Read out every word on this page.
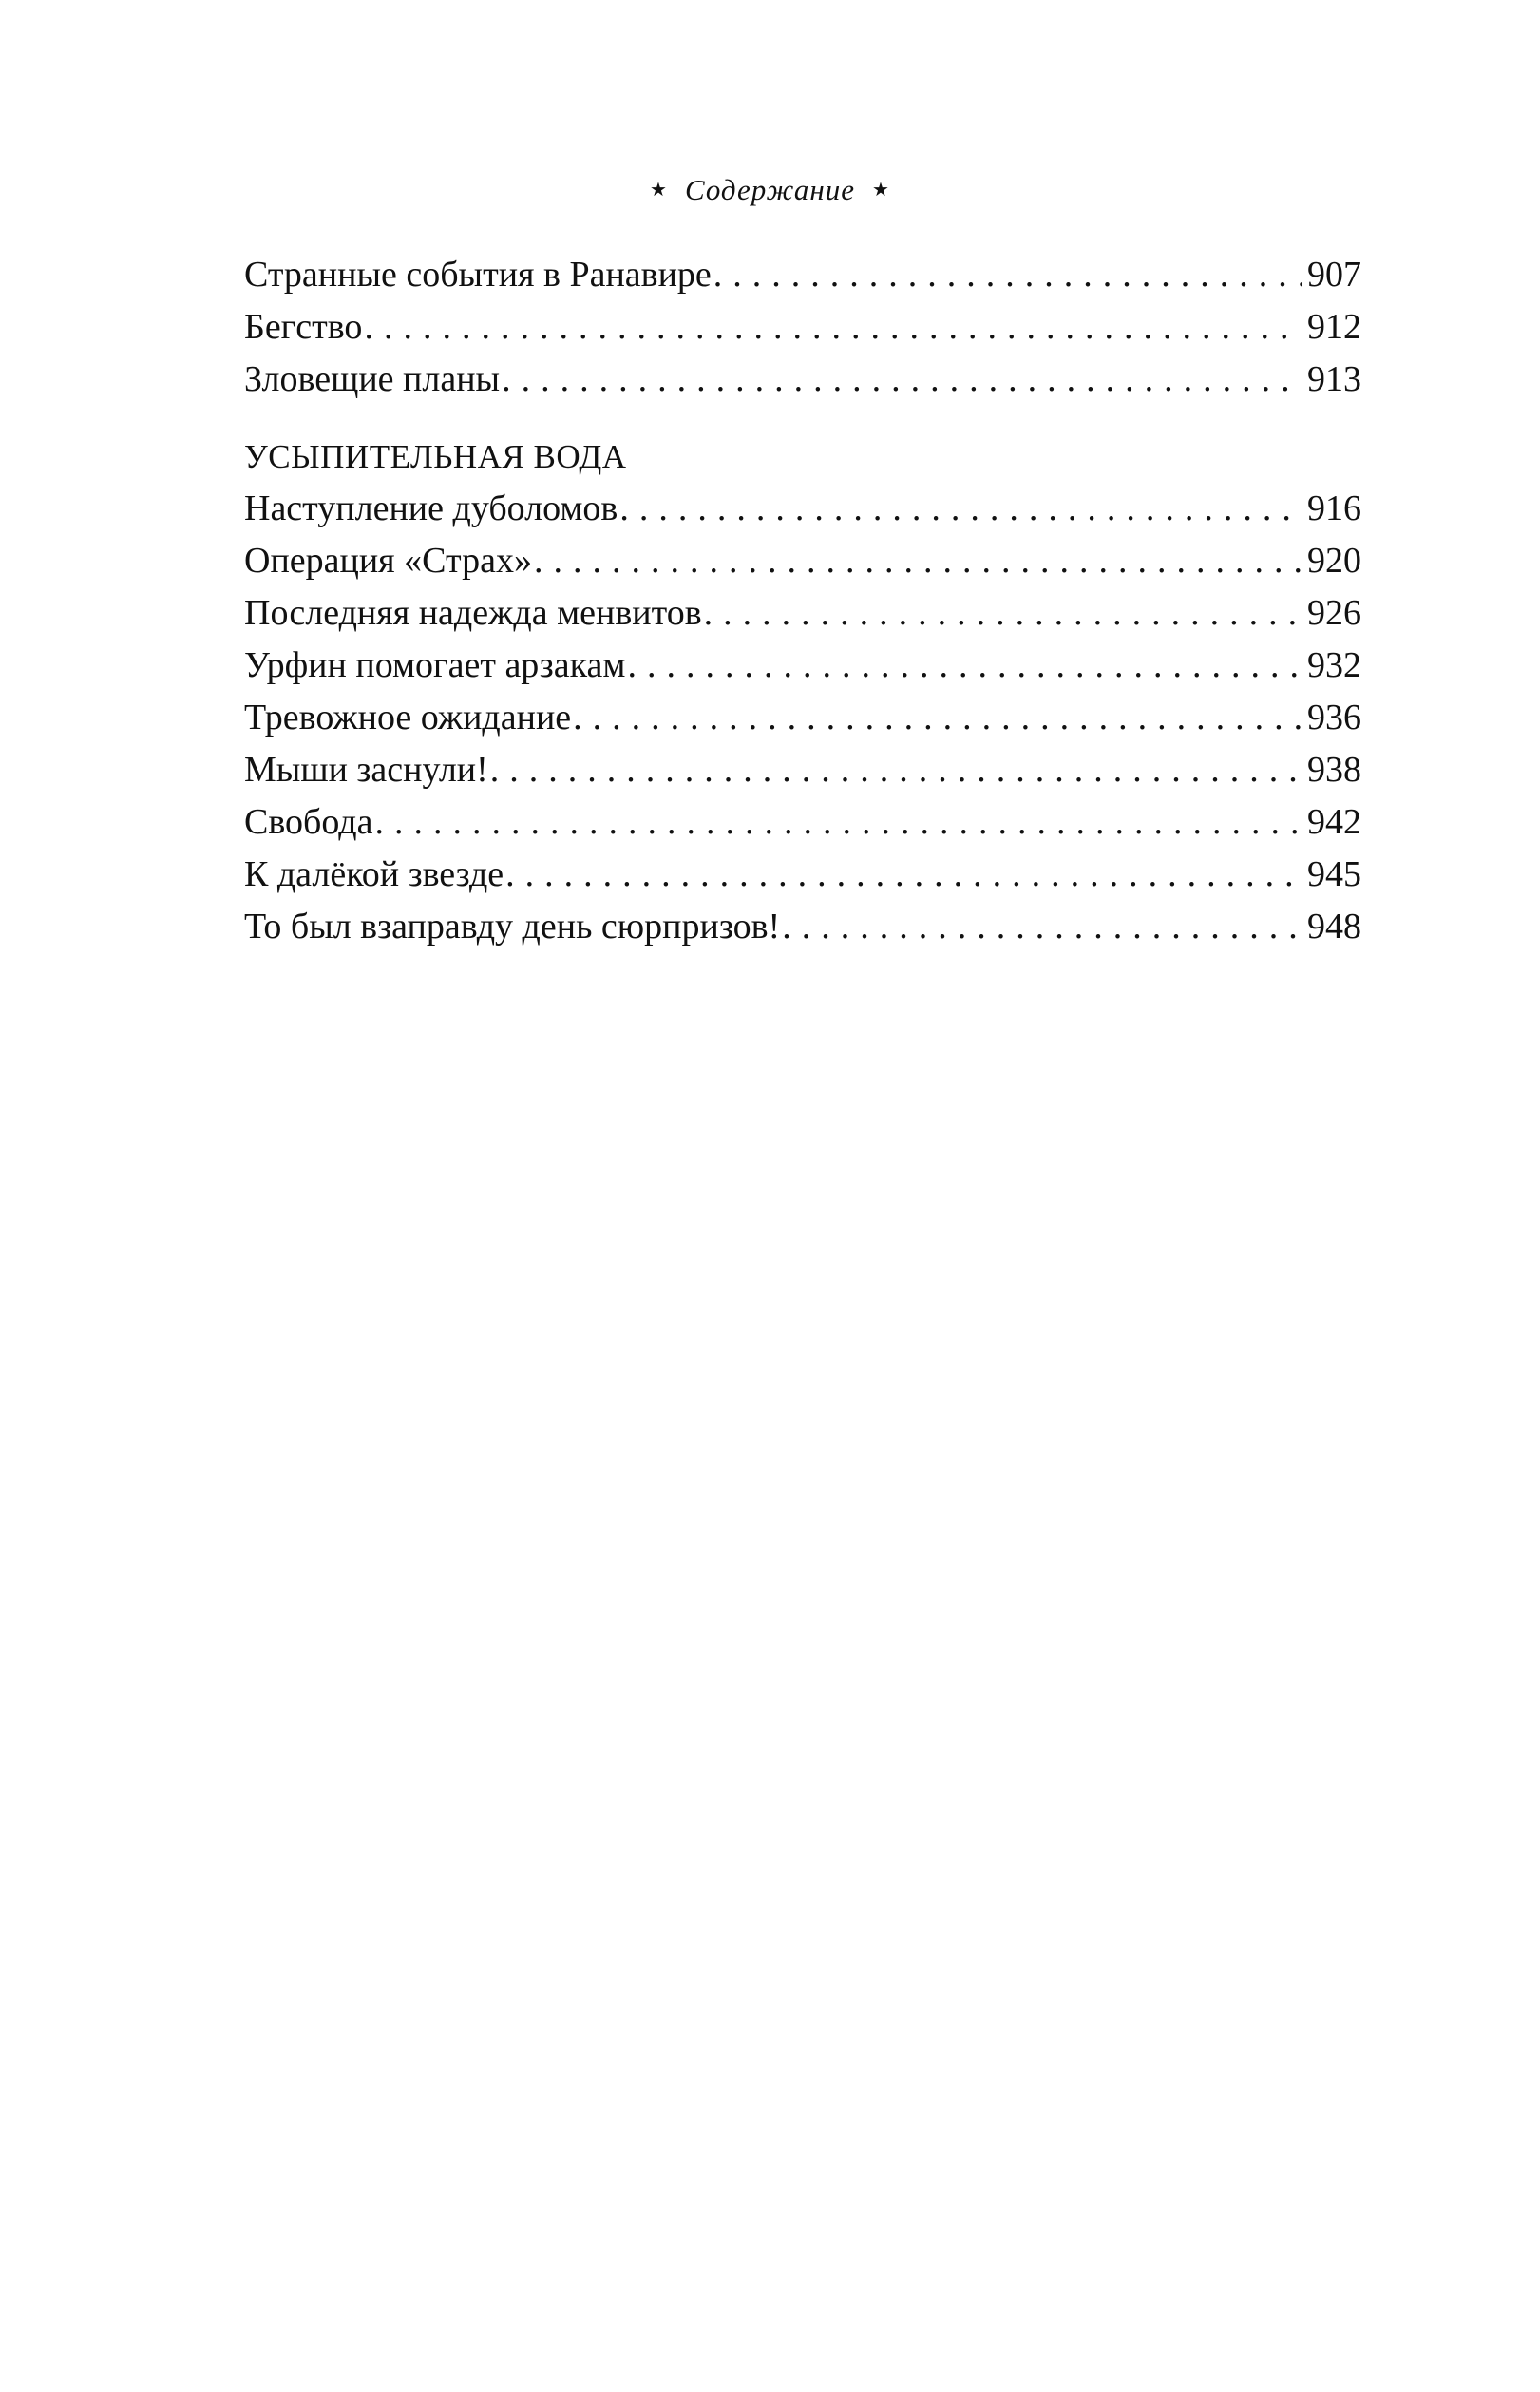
★ Содержание ★
Странные события в Ранавире . . .	907
Бегство . . .	912
Зловещие планы . . .	913
УСЫПИТЕЛЬНАЯ ВОДА
Наступление дуболомов . . .	916
Операция «Страх» . . .	920
Последняя надежда менвитов . . .	926
Урфин помогает арзакам . . .	932
Тревожное ожидание . . .	936
Мыши заснули! . . .	938
Свобода . . .	942
К далёкой звезде . . .	945
То был взаправду день сюрпризов! . . .	948
